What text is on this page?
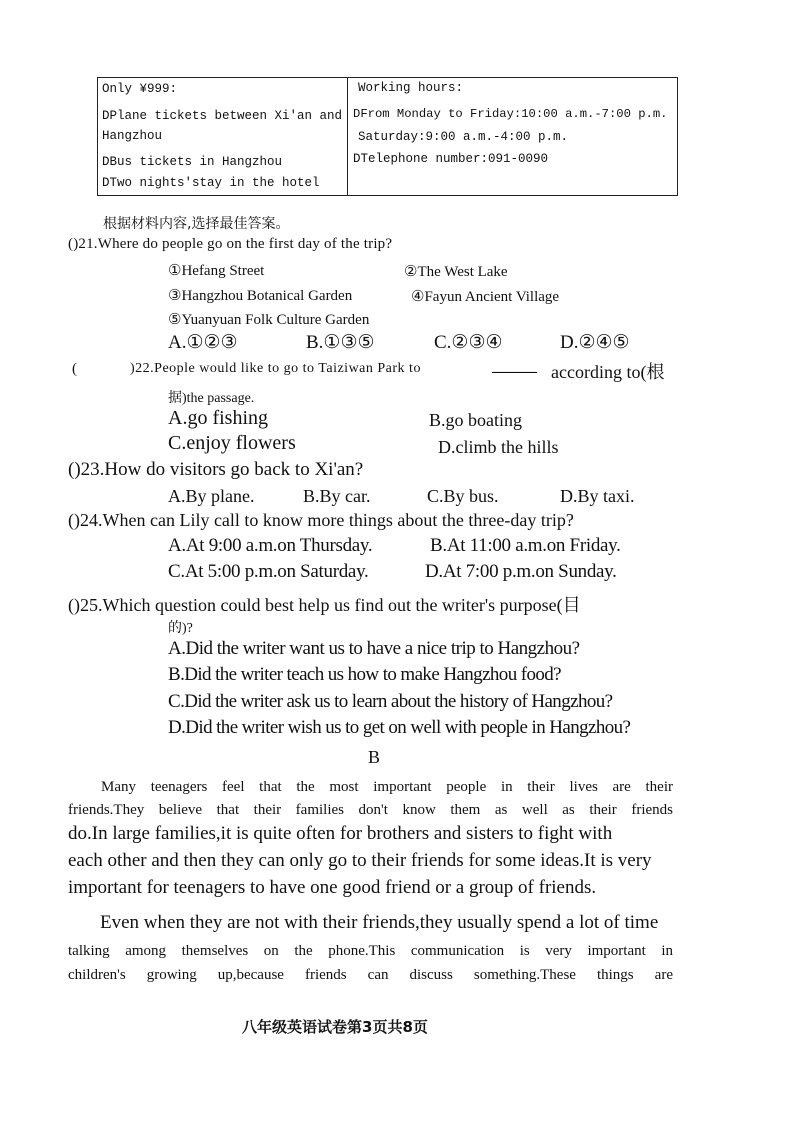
Only ¥999:
DPlane tickets between Xi'an and
Hangzhou
DBus tickets in Hangzhou
DTwo nights'stay in the hotel
Working hours:
DFrom Monday to Friday:10:00 a.m.-7:00 p.m.
Saturday:9:00 a.m.-4:00 p.m.
DTelephone number:091-0090
根据材料内容,选择最佳答案。
()21.Where do people go on the first day of the trip?
①Hefang Street	②The West Lake
③Hangzhou Botanical Garden	④Fayun Ancient Village
⑤Yuanyuan Folk Culture Garden
A.①②③	B.①③⑤	C.②③④	D.②④⑤
(	)22.People would like to go to Taiziwan Park to	______ according to(根
据)the passage.
A.go fishing	B.go boating
C.enjoy flowers	D.climb the hills
()23.How do visitors go back to Xi'an?
A.By plane.	B.By car.	C.By bus.	D.By taxi.
()24.When can Lily call to know more things about the three-day trip?
A.At 9:00 a.m.on Thursday.	B.At 11:00 a.m.on Friday.
C.At 5:00 p.m.on Saturday.	D.At 7:00 p.m.on Sunday.
()25.Which question could best help us find out the writer's purpose(目
的)?
A.Did the writer want us to have a nice trip to Hangzhou?
B.Did the writer teach us how to make Hangzhou food?
C.Did the writer ask us to learn about the history of Hangzhou?
D.Did the writer wish us to get on well with people in Hangzhou?
B
Many teenagers feel that the most important people in their lives are their
friends.They believe that their families don't know them as well as their friends
do.In large families,it is quite often for brothers and sisters to fight with
each other and then they can only go to their friends for some ideas.It is very
important for teenagers to have one good friend or a group of friends.
Even when they are not with their friends,they usually spend a lot of time
talking among themselves on the phone.This communication is very important in
children's growing up,because friends can discuss something.These things are
八年级英语试卷第3页共8页
